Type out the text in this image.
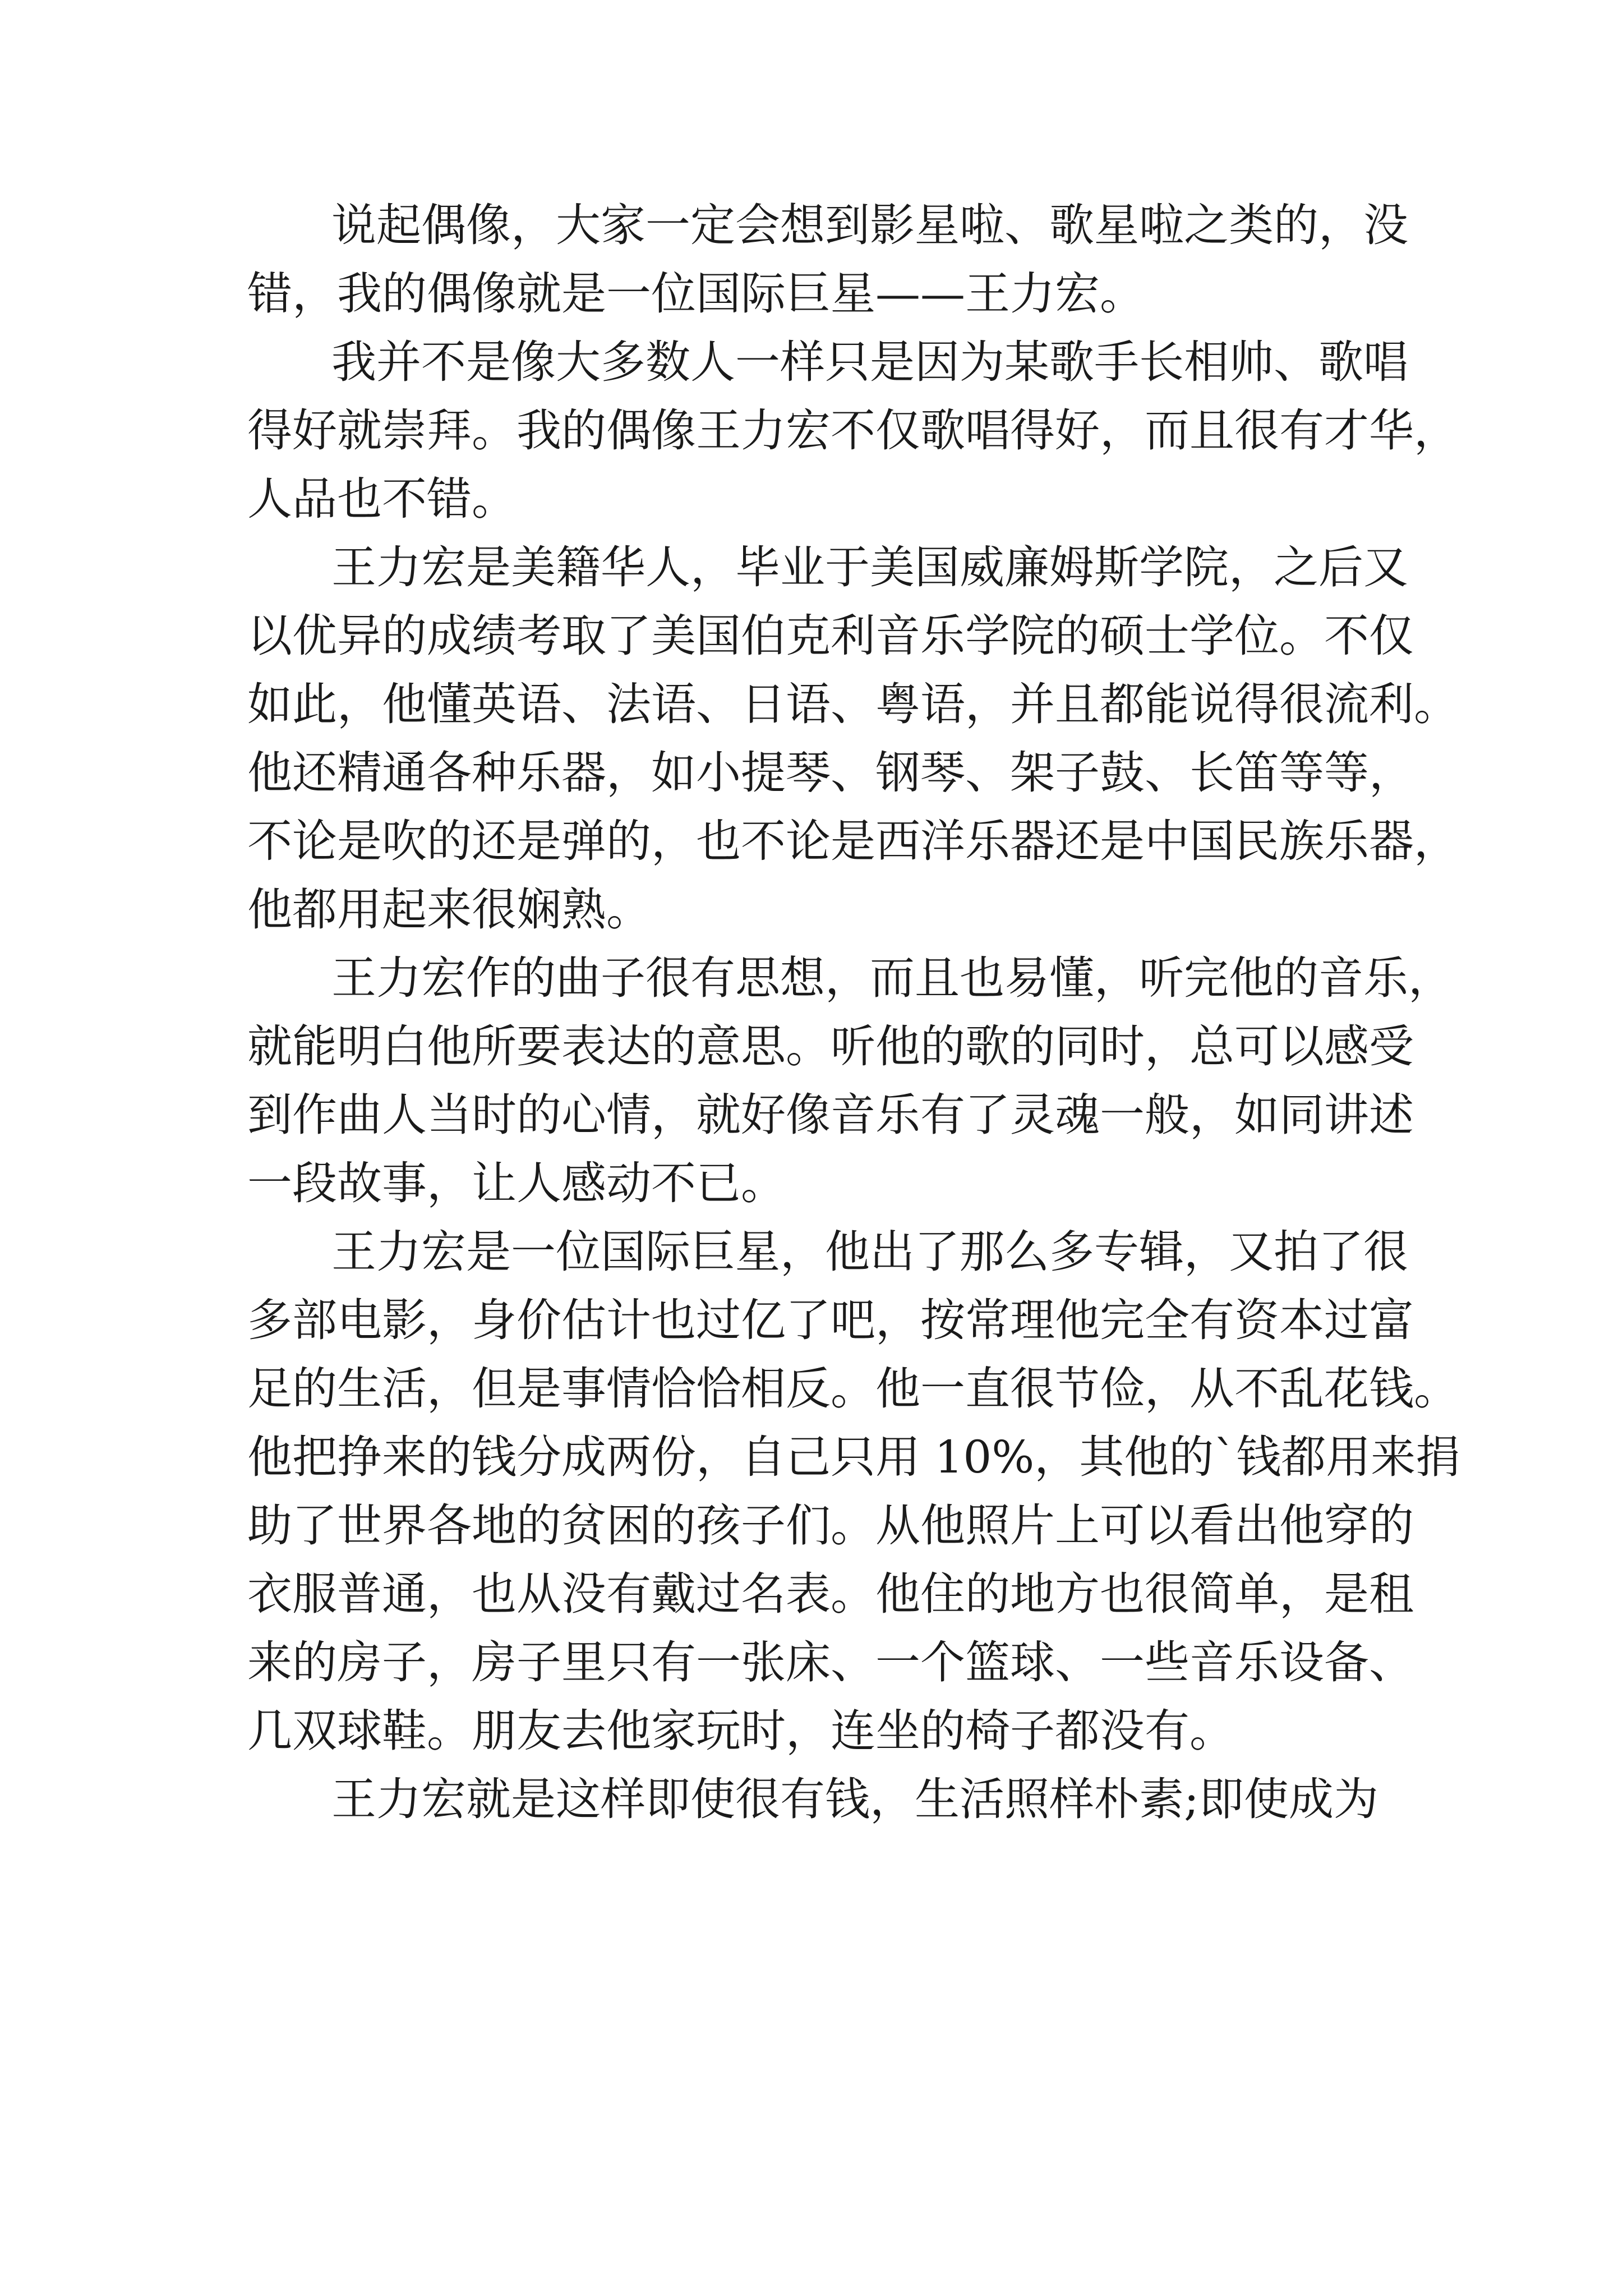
说起偶像，大家一定会想到影星啦、歌星啦之类的，没
错，我的偶像就是一位国际巨星——王力宏。
我并不是像大多数人一样只是因为某歌手长相帅、歌唱
得好就崇拜。我的偶像王力宏不仅歌唱得好，而且很有才华，
人品也不错。
王力宏是美籍华人，毕业于美国威廉姆斯学院，之后又
以优异的成绩考取了美国伯克利音乐学院的硕士学位。不仅
如此，他懂英语、法语、日语、粤语，并且都能说得很流利。
他还精通各种乐器，如小提琴、钢琴、架子鼓、长笛等等，
不论是吹的还是弹的，也不论是西洋乐器还是中国民族乐器，
他都用起来很娴熟。
王力宏作的曲子很有思想，而且也易懂，听完他的音乐，
就能明白他所要表达的意思。听他的歌的同时，总可以感受
到作曲人当时的心情，就好像音乐有了灵魂一般，如同讲述
一段故事，让人感动不已。
王力宏是一位国际巨星，他出了那么多专辑，又拍了很
多部电影，身价估计也过亿了吧，按常理他完全有资本过富
足的生活，但是事情恰恰相反。他一直很节俭，从不乱花钱。
他把挣来的钱分成两份，自己只用 10%，其他的`钱都用来捐
助了世界各地的贫困的孩子们。从他照片上可以看出他穿的
衣服普通，也从没有戴过名表。他住的地方也很简单，是租
来的房子，房子里只有一张床、一个篮球、一些音乐设备、
几双球鞋。朋友去他家玩时，连坐的椅子都没有。
王力宏就是这样即使很有钱，生活照样朴素;即使成为
